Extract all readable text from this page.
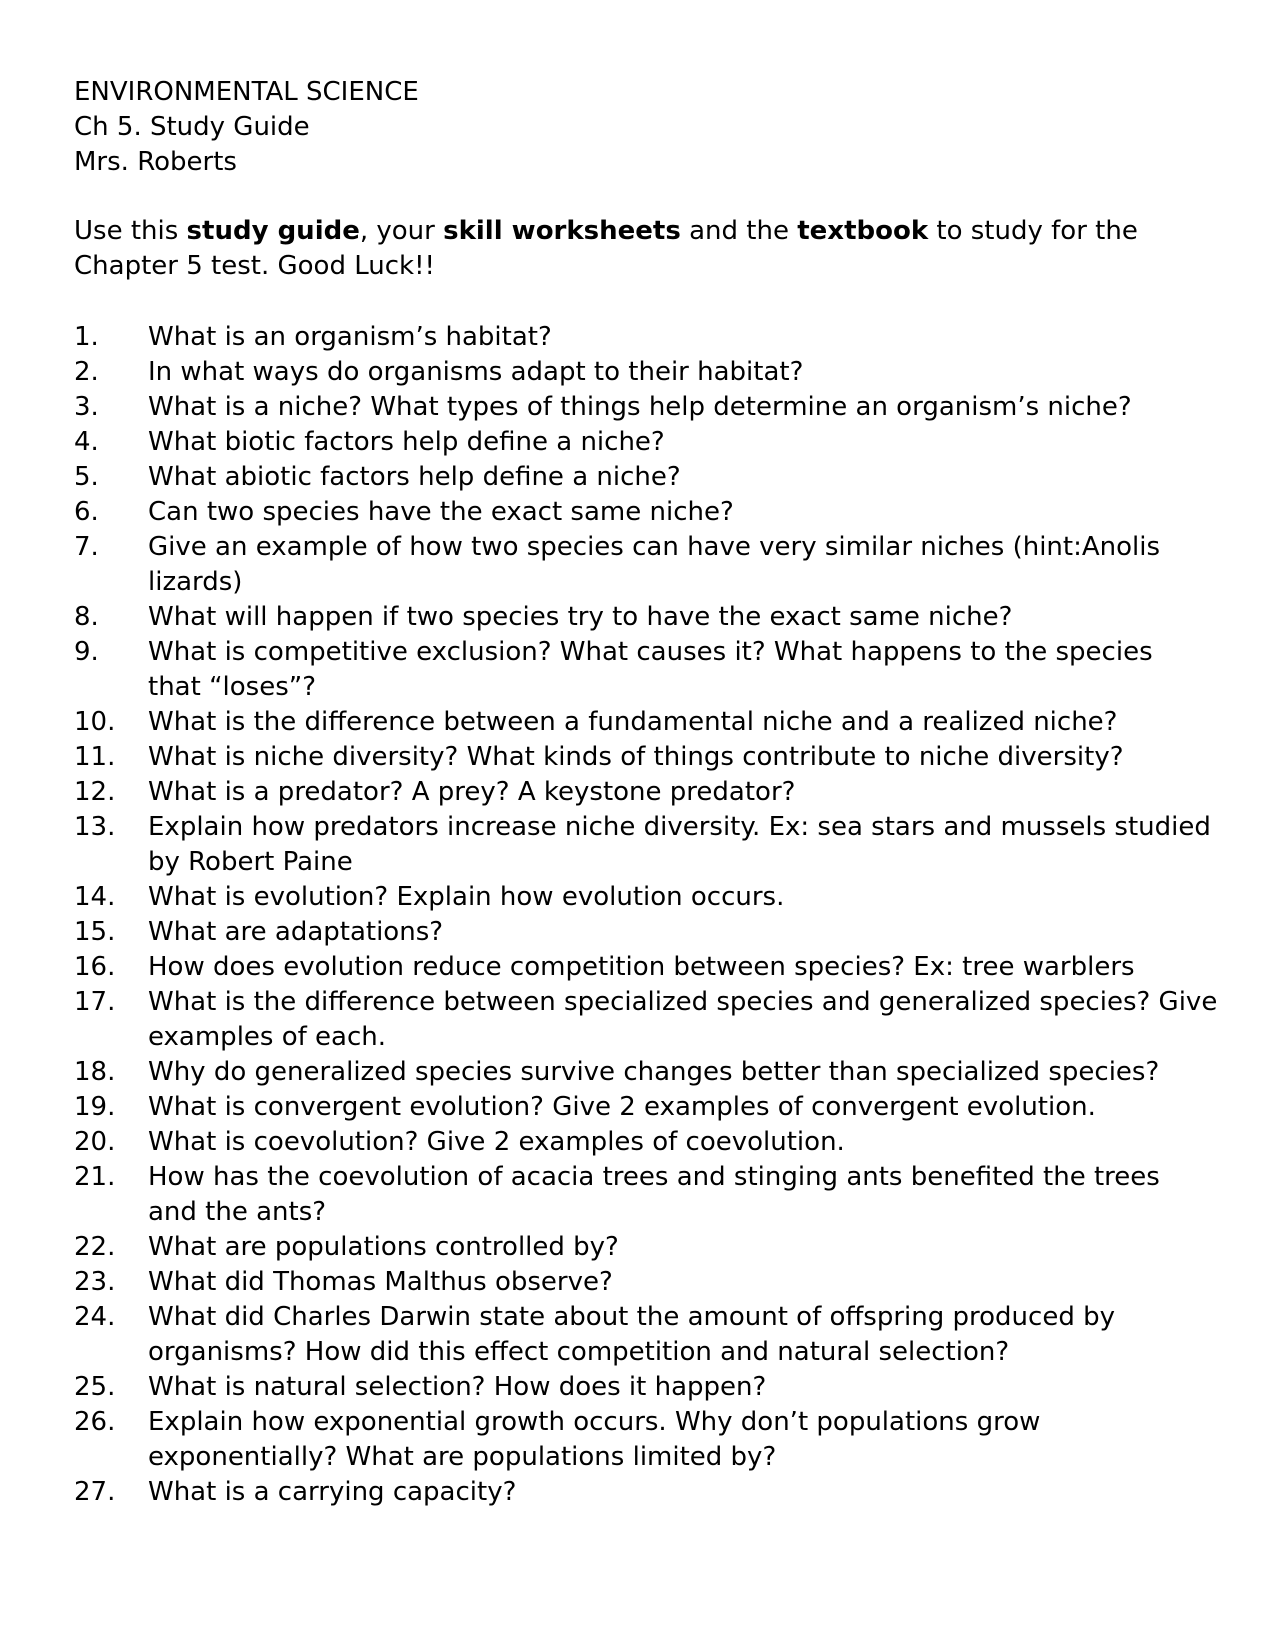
ENVIRONMENTAL SCIENCE
Ch 5. Study Guide
Mrs. Roberts
Use this study guide, your skill worksheets and the textbook to study for the
Chapter 5 test. Good Luck!!
1.	What is an organism’s habitat?
2.	In what ways do organisms adapt to their habitat?
3.	What is a niche? What types of things help determine an organism’s niche?
4.	What biotic factors help define a niche?
5.	What abiotic factors help define a niche?
6.	Can two species have the exact same niche?
7.	Give an example of how two species can have very similar niches (hint:Anolis
lizards)
8.	What will happen if two species try to have the exact same niche?
9.	What is competitive exclusion? What causes it? What happens to the species
that “loses”?
10.	What is the difference between a fundamental niche and a realized niche?
11.	What is niche diversity? What kinds of things contribute to niche diversity?
12.	What is a predator? A prey? A keystone predator?
13.	Explain how predators increase niche diversity. Ex: sea stars and mussels studied
by Robert Paine
14.	What is evolution? Explain how evolution occurs.
15.	What are adaptations?
16.	How does evolution reduce competition between species? Ex: tree warblers
17.	What is the difference between specialized species and generalized species? Give
examples of each.
18.	Why do generalized species survive changes better than specialized species?
19.	What is convergent evolution? Give 2 examples of convergent evolution.
20.	What is coevolution? Give 2 examples of coevolution.
21.	How has the coevolution of acacia trees and stinging ants benefited the trees
and the ants?
22.	What are populations controlled by?
23.	What did Thomas Malthus observe?
24.	What did Charles Darwin state about the amount of offspring produced by
organisms? How did this effect competition and natural selection?
25.	What is natural selection? How does it happen?
26.	Explain how exponential growth occurs. Why don’t populations grow
exponentially? What are populations limited by?
27.	What is a carrying capacity?
